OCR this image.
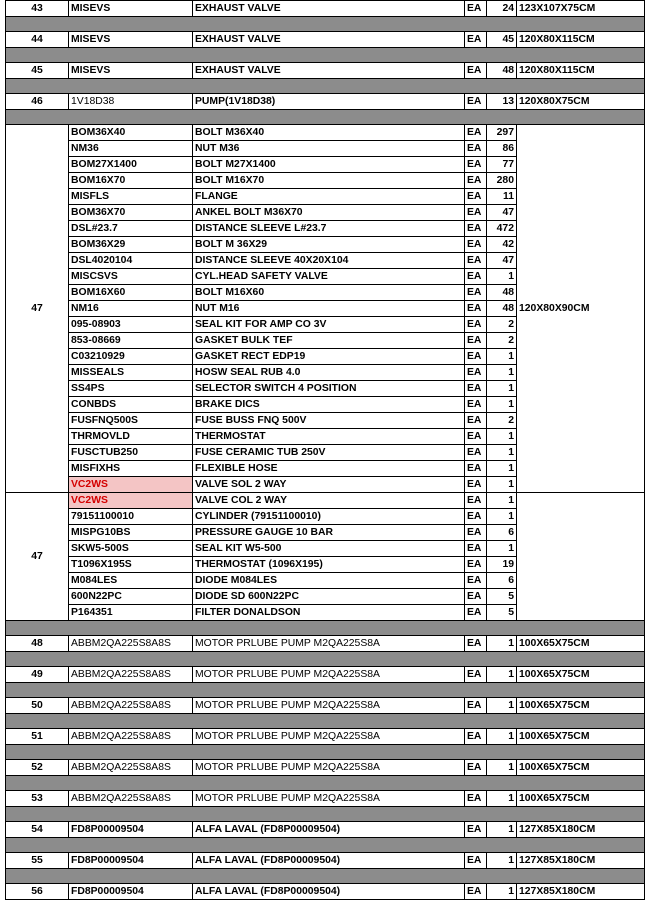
43	MISEVS	EXHAUST VALVE	EA	24	123X107X75CM

44	MISEVS	EXHAUST VALVE	EA	45	120X80X115CM

45	MISEVS	EXHAUST VALVE	EA	48	120X80X115CM

46	1V18D38	PUMP(1V18D38)	EA	13	120X80X75CM

47	BOM36X40	BOLT M36X40	EA	297	120X80X90CM
	NM36	NUT M36	EA	86	
	BOM27X1400	BOLT M27X1400	EA	77	
	BOM16X70	BOLT M16X70	EA	280	
	MISFLS	FLANGE	EA	11	
	BOM36X70	ANKEL BOLT M36X70	EA	47	
	DSL#23.7	DISTANCE SLEEVE L#23.7	EA	472	
	BOM36X29	BOLT M 36X29	EA	42	
	DSL4020104	DISTANCE SLEEVE 40X20X104	EA	47	
	MISCSVS	CYL.HEAD SAFETY VALVE	EA	1	
	BOM16X60	BOLT M16X60	EA	48	
	NM16	NUT M16	EA	48	
	095-08903	SEAL KIT FOR AMP CO 3V	EA	2	
	853-08669	GASKET BULK TEF	EA	2	
	C03210929	GASKET RECT EDP19	EA	1	
	MISSEALS	HOSW SEAL RUB 4.0	EA	1	
	SS4PS	SELECTOR SWITCH 4 POSITION	EA	1	
	CONBDS	BRAKE DICS	EA	1	
	FUSFNQ500S	FUSE BUSS FNQ 500V	EA	2	
	THRMOVLD	THERMOSTAT	EA	1	
	FUSCTUB250	FUSE CERAMIC TUB 250V	EA	1	
	MISFIXHS	FLEXIBLE HOSE	EA	1	
	VC2WS	VALVE SOL 2 WAY	EA	1	
47	VC2WS	VALVE COL 2 WAY	EA	1	
	79151100010	CYLINDER (79151100010)	EA	1	
	MISPG10BS	PRESSURE GAUGE 10 BAR	EA	6	
	SKW5-500S	SEAL KIT W5-500	EA	1	
	T1096X195S	THERMOSTAT (1096X195)	EA	19	
	M084LES	DIODE M084LES	EA	6	
	600N22PC	DIODE SD 600N22PC	EA	5	
	P164351	FILTER DONALDSON	EA	5	

48	ABBM2QA225S8A8S	MOTOR PRLUBE PUMP M2QA225S8A	EA	1	100X65X75CM

49	ABBM2QA225S8A8S	MOTOR PRLUBE PUMP M2QA225S8A	EA	1	100X65X75CM

50	ABBM2QA225S8A8S	MOTOR PRLUBE PUMP M2QA225S8A	EA	1	100X65X75CM

51	ABBM2QA225S8A8S	MOTOR PRLUBE PUMP M2QA225S8A	EA	1	100X65X75CM

52	ABBM2QA225S8A8S	MOTOR PRLUBE PUMP M2QA225S8A	EA	1	100X65X75CM

53	ABBM2QA225S8A8S	MOTOR PRLUBE PUMP M2QA225S8A	EA	1	100X65X75CM

54	FD8P00009504	ALFA LAVAL (FD8P00009504)	EA	1	127X85X180CM

55	FD8P00009504	ALFA LAVAL (FD8P00009504)	EA	1	127X85X180CM

56	FD8P00009504	ALFA LAVAL (FD8P00009504)	EA	1	127X85X180CM
